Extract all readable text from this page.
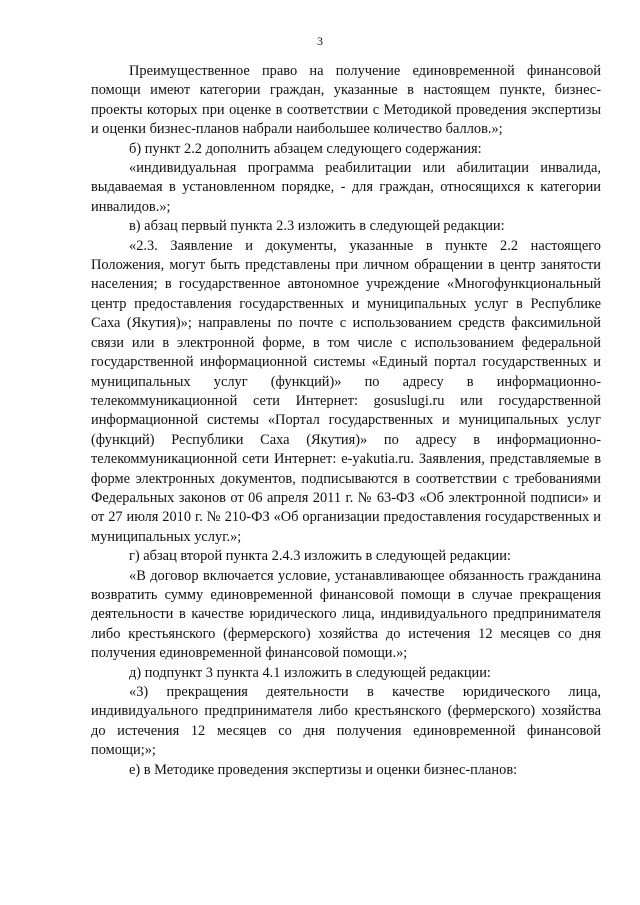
3

Преимущественное право на получение единовременной финансовой помощи имеют категории граждан, указанные в настоящем пункте, бизнес-проекты которых при оценке в соответствии с Методикой проведения экспертизы и оценки бизнес-планов набрали наибольшее количество баллов.»;

б) пункт 2.2 дополнить абзацем следующего содержания:

«индивидуальная программа реабилитации или абилитации инвалида, выдаваемая в установленном порядке, - для граждан, относящихся к категории инвалидов.»;

в) абзац первый пункта 2.3 изложить в следующей редакции:

«2.3. Заявление и документы, указанные в пункте 2.2 настоящего Положения, могут быть представлены при личном обращении в центр занятости населения; в государственное автономное учреждение «Многофункциональный центр предоставления государственных и муниципальных услуг в Республике Саха (Якутия)»; направлены по почте с использованием средств факсимильной связи или в электронной форме, в том числе с использованием федеральной государственной информационной системы «Единый портал государственных и муниципальных услуг (функций)» по адресу в информационно-телекоммуникационной сети Интернет: gosuslugi.ru или государственной информационной системы «Портал государственных и муниципальных услуг (функций) Республики Саха (Якутия)» по адресу в информационно-телекоммуникационной сети Интернет: e-yakutia.ru. Заявления, представляемые в форме электронных документов, подписываются в соответствии с требованиями Федеральных законов от 06 апреля 2011 г. № 63-ФЗ «Об электронной подписи» и от 27 июля 2010 г. № 210-ФЗ «Об организации предоставления государственных и муниципальных услуг.»;

г) абзац второй пункта 2.4.3 изложить в следующей редакции:

«В договор включается условие, устанавливающее обязанность гражданина возвратить сумму единовременной финансовой помощи в случае прекращения деятельности в качестве юридического лица, индивидуального предпринимателя либо крестьянского (фермерского) хозяйства до истечения 12 месяцев со дня получения единовременной финансовой помощи.»;

д) подпункт 3 пункта 4.1 изложить в следующей редакции:

«3) прекращения деятельности в качестве юридического лица, индивидуального предпринимателя либо крестьянского (фермерского) хозяйства до истечения 12 месяцев со дня получения единовременной финансовой помощи;»;

е) в Методике проведения экспертизы и оценки бизнес-планов:
